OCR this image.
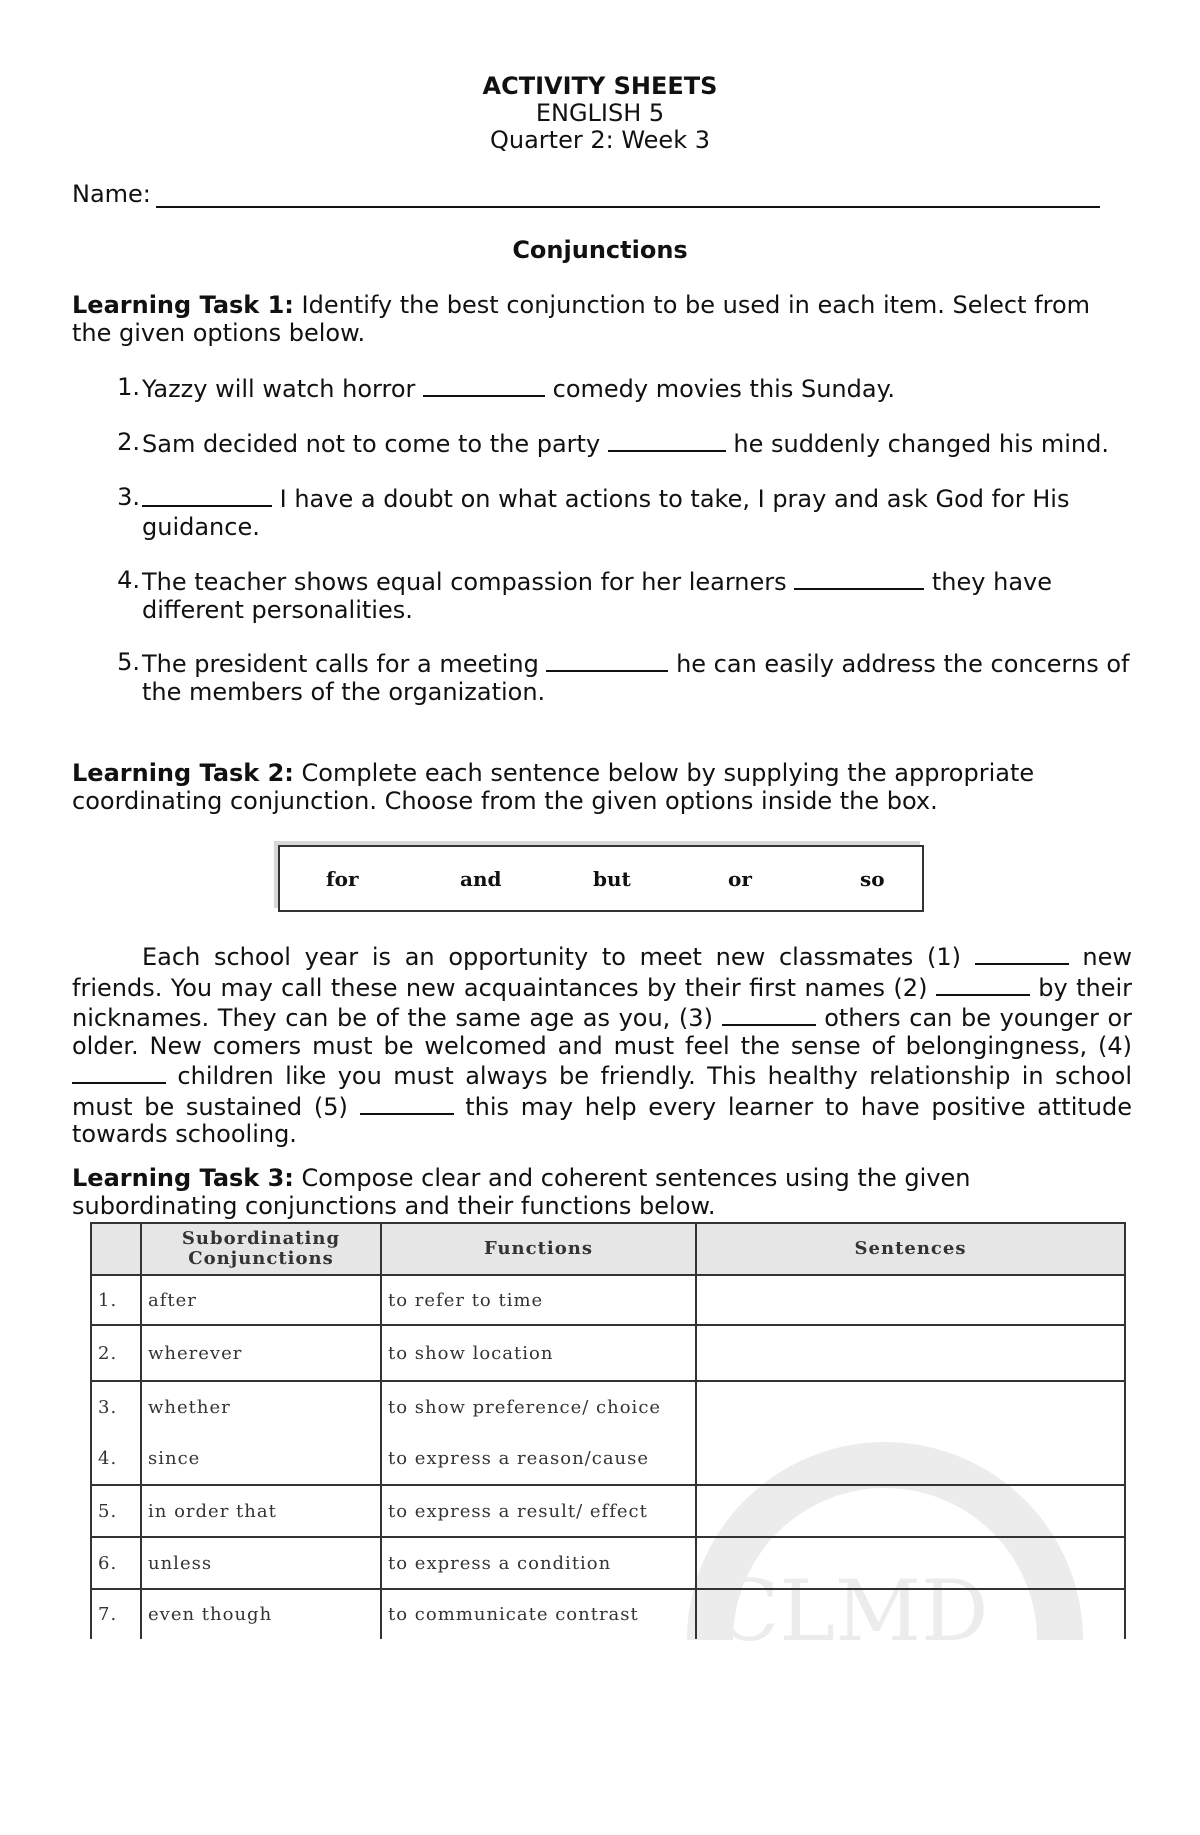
ACTIVITY SHEETS
ENGLISH 5
Quarter 2: Week 3
Name:
Conjunctions
Learning Task 1: Identify the best conjunction to be used in each item. Select from the given options below.
1. Yazzy will watch horror	comedy movies this Sunday.
2. Sam decided not to come to the party	he suddenly changed his mind.
3.	I have a doubt on what actions to take, I pray and ask God for His guidance.
4. The teacher shows equal compassion for her learners	they have different personalities.
5. The president calls for a meeting	he can easily address the concerns of the members of the organization.
Learning Task 2: Complete each sentence below by supplying the appropriate coordinating conjunction. Choose from the given options inside the box.
for	and	but	or	so
Each school year is an opportunity to meet new classmates (1)	new friends. You may call these new acquaintances by their first names (2)	by their nicknames. They can be of the same age as you, (3)	others can be younger or older. New comers must be welcomed and must feel the sense of belongingness, (4)  children like you must always be friendly. This healthy relationship in school must be sustained (5)	this may help every learner to have positive attitude towards schooling.
Learning Task 3: Compose clear and coherent sentences using the given subordinating conjunctions and their functions below.
CLMD
	Subordinating Conjunctions	Functions	Sentences
1.	after	to refer to time	
2.	wherever	to show location	
3.	whether	to show preference/ choice	
4.	since	to express a reason/cause	
5.	in order that	to express a result/ effect	
6.	unless	to express a condition	
7.	even though	to communicate contrast	
